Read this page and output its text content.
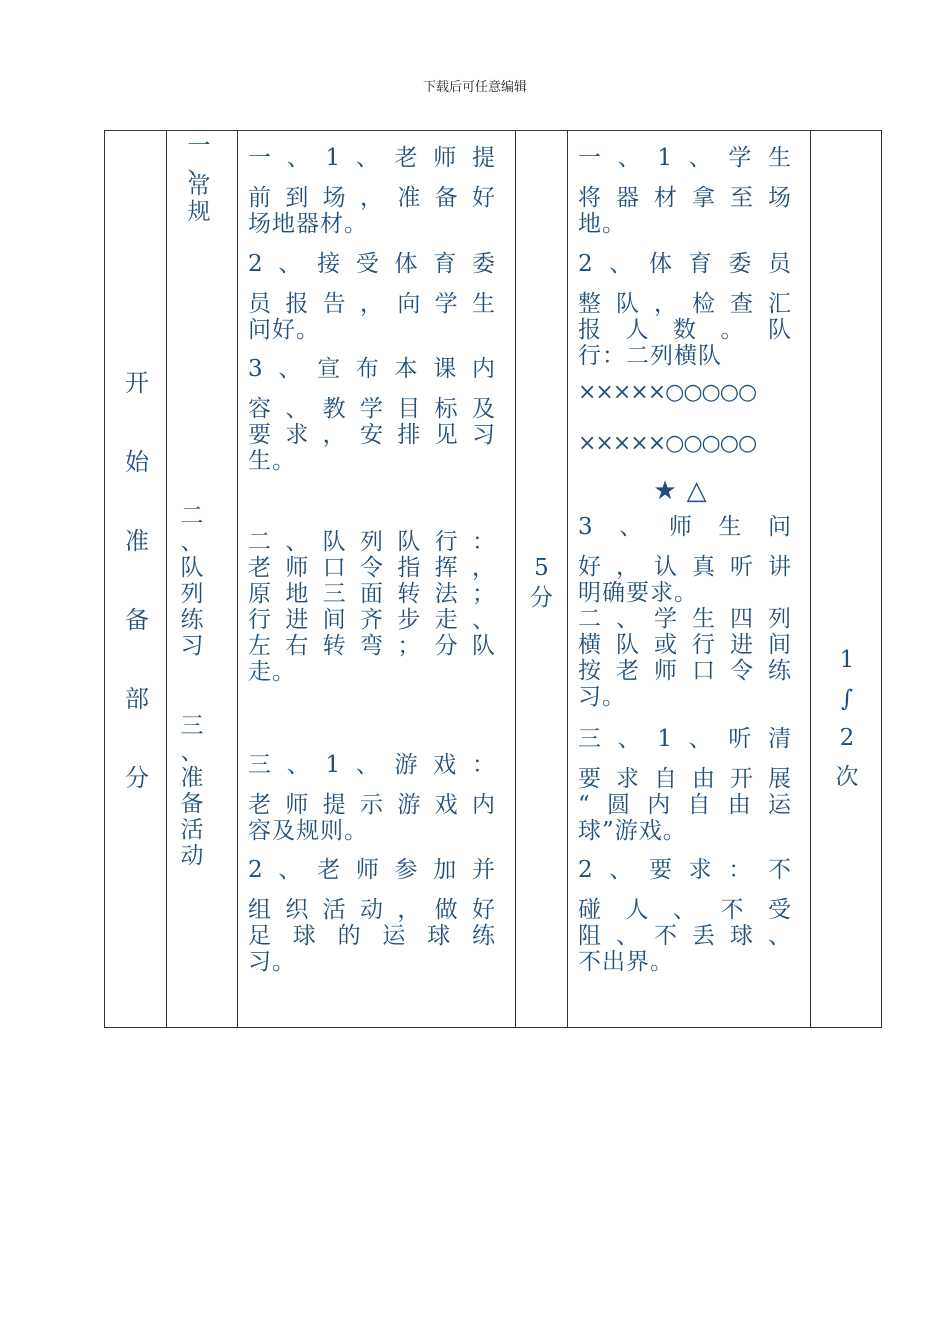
下载后可任意编辑
开
始
准
备
部
分
一
、
常
规
二
、
队
列
练
习
三
、
准
备
活
动
一、1、老师提
前到场，准备好
场地器材。
2、接受体育委
员报告，向学生
问好。
3、宣布本课内
容、教学目标及
要求，安排见习
生。
二、队列队行：
老师口令指挥，
原地三面转法；
行进间齐步走、
左右转弯；分队
走。
三、1、游戏：
老师提示游戏内
容及规则。
2、老师参加并
组织活动，做好
足球的运球练
习。
5
分
一、1、学生
将器材拿至场
地。
2、体育委员
整队，检查汇
报人数。队
行：二列横队
×××××○○○○○
×××××○○○○○
★△
3、师生问
好，认真听讲
明确要求。
二、学生四列
横队或行进间
按老师口令练
习。
三、1、听清
要求自由开展
“圆内自由运
球”游戏。
2、要求：不
碰人、不受
阻、不丢球、
不出界。
1
∫
2
次
